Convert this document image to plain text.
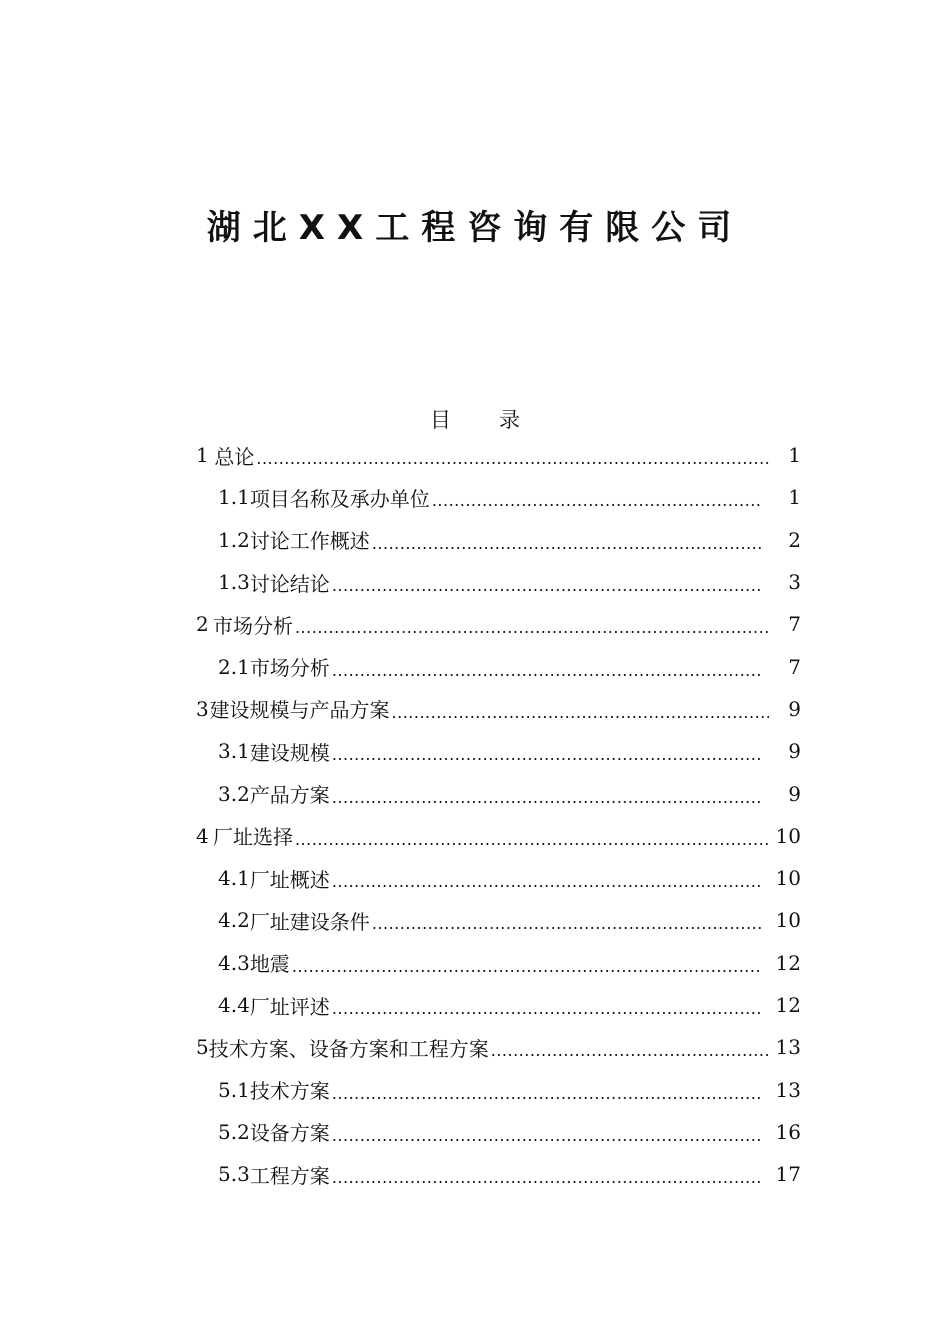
湖北XX工程咨询有限公司
目录
1 总论 .....	1
1.1 项目名称及承办单位 .....	1
1.2 讨论工作概述 .....	2
1.3 讨论结论 .....	3
2 市场分析 .....	7
2.1 市场分析 .....	7
3 建设规模与产品方案 .....	9
3.1 建设规模 .....	9
3.2 产品方案 .....	9
4 厂址选择 .....	10
4.1 厂址概述 .....	10
4.2 厂址建设条件 .....	10
4.3 地震 .....	12
4.4 厂址评述 .....	12
5 技术方案、设备方案和工程方案 .....	13
5.1 技术方案 .....	13
5.2 设备方案 .....	16
5.3 工程方案 .....	17
